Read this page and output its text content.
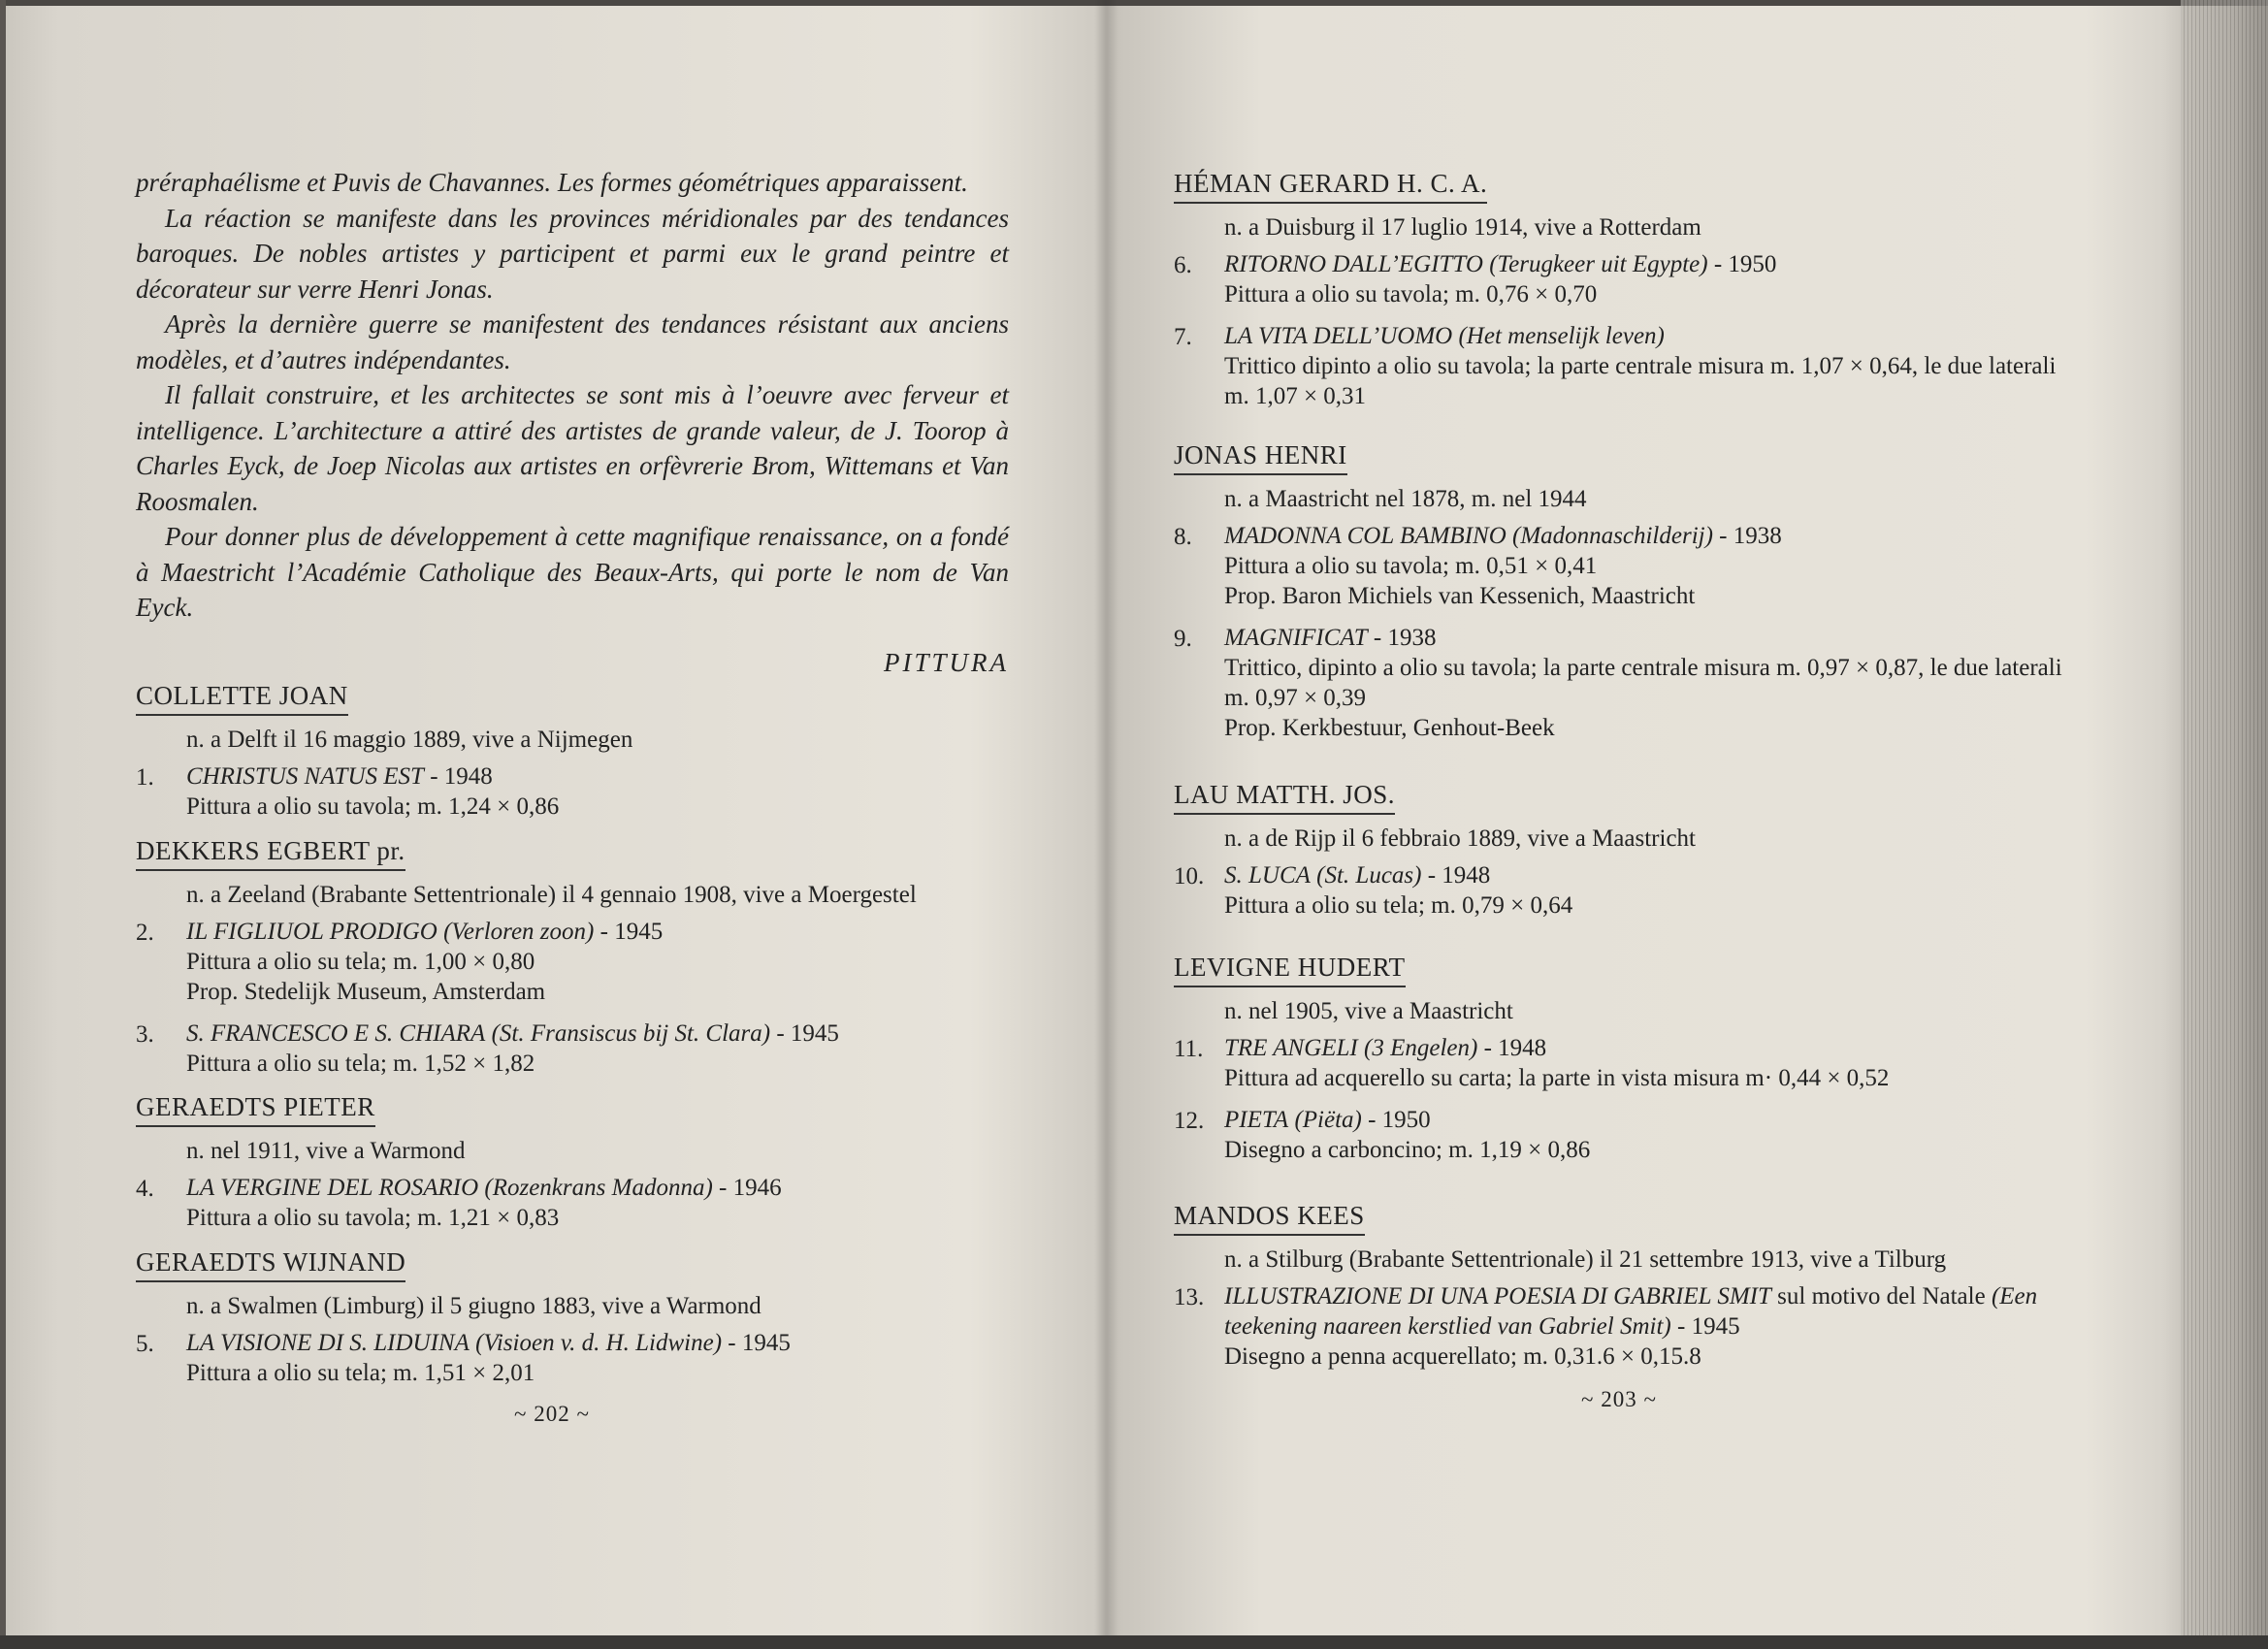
préraphaélisme et Puvis de Chavannes. Les formes géométriques apparaissent.

La réaction se manifeste dans les provinces méridionales par des tendances baroques. De nobles artistes y participent et parmi eux le grand peintre et décorateur sur verre Henri Jonas.

Après la dernière guerre se manifestent des tendances résistant aux anciens modèles, et d’autres indépendantes.

Il fallait construire, et les architectes se sont mis à l’oeuvre avec ferveur et intelligence. L’architecture a attiré des artistes de grande valeur, de J. Toorop à Charles Eyck, de Joep Nicolas aux artistes en orfèvrerie Brom, Wittemans et Van Roosmalen.

Pour donner plus de développement à cette magnifique renaissance, on a fondé à Maestricht l’Académie Catholique des Beaux-Arts, qui porte le nom de Van Eyck.

PITTURA
COLLETTE JOAN
n. a Delft il 16 maggio 1889, vive a Nijmegen
1. CHRISTUS NATUS EST - 1948
Pittura a olio su tavola; m. 1,24 × 0,86
DEKKERS EGBERT pr.
n. a Zeeland (Brabante Settentrionale) il 4 gennaio 1908, vive a Moergestel
2. IL FIGLIUOL PRODIGO (Verloren zoon) - 1945
Pittura a olio su tela; m. 1,00 × 0,80
Prop. Stedelijk Museum, Amsterdam
3. S. FRANCESCO E S. CHIARA (St. Fransiscus bij St. Clara) - 1945
Pittura a olio su tela; m. 1,52 × 1,82
GERAEDTS PIETER
n. nel 1911, vive a Warmond
4. LA VERGINE DEL ROSARIO (Rozenkrans Madonna) - 1946
Pittura a olio su tavola; m. 1,21 × 0,83
GERAEDTS WIJNAND
n. a Swalmen (Limburg) il 5 giugno 1883, vive a Warmond
5. LA VISIONE DI S. LIDUINA (Visioen v. d. H. Lidwine) - 1945
Pittura a olio su tela; m. 1,51 × 2,01
~ 202 ~
HÉMAN GERARD H. C. A.
n. a Duisburg il 17 luglio 1914, vive a Rotterdam
6. RITORNO DALL’EGITTO (Terugkeer uit Egypte) - 1950
Pittura a olio su tavola; m. 0,76 × 0,70
7. LA VITA DELL’UOMO (Het menselijk leven)
Trittico dipinto a olio su tavola; la parte centrale misura m. 1,07 × 0,64, le due laterali m. 1,07 × 0,31
JONAS HENRI
n. a Maastricht nel 1878, m. nel 1944
8. MADONNA COL BAMBINO (Madonnaschilderij) - 1938
Pittura a olio su tavola; m. 0,51 × 0,41
Prop. Baron Michiels van Kessenich, Maastricht
9. MAGNIFICAT - 1938
Trittico, dipinto a olio su tavola; la parte centrale misura m. 0,97 × 0,87, le due laterali m. 0,97 × 0,39
Prop. Kerkbestuur, Genhout-Beek
LAU MATTH. JOS.
n. a de Rijp il 6 febbraio 1889, vive a Maastricht
10. S. LUCA (St. Lucas) - 1948
Pittura a olio su tela; m. 0,79 × 0,64
LEVIGNE HUDERT
n. nel 1905, vive a Maastricht
11. TRE ANGELI (3 Engelen) - 1948
Pittura ad acquerello su carta; la parte in vista misura m· 0,44 × 0,52
12. PIETA (Piëta) - 1950
Disegno a carboncino; m. 1,19 × 0,86
MANDOS KEES
n. a Stilburg (Brabante Settentrionale) il 21 settembre 1913, vive a Tilburg
13. ILLUSTRAZIONE DI UNA POESIA DI GABRIEL SMIT sul motivo del Natale (Een teekening naareen kerstlied van Gabriel Smit) - 1945
Disegno a penna acquerellato; m. 0,31.6 × 0,15.8
~ 203 ~
